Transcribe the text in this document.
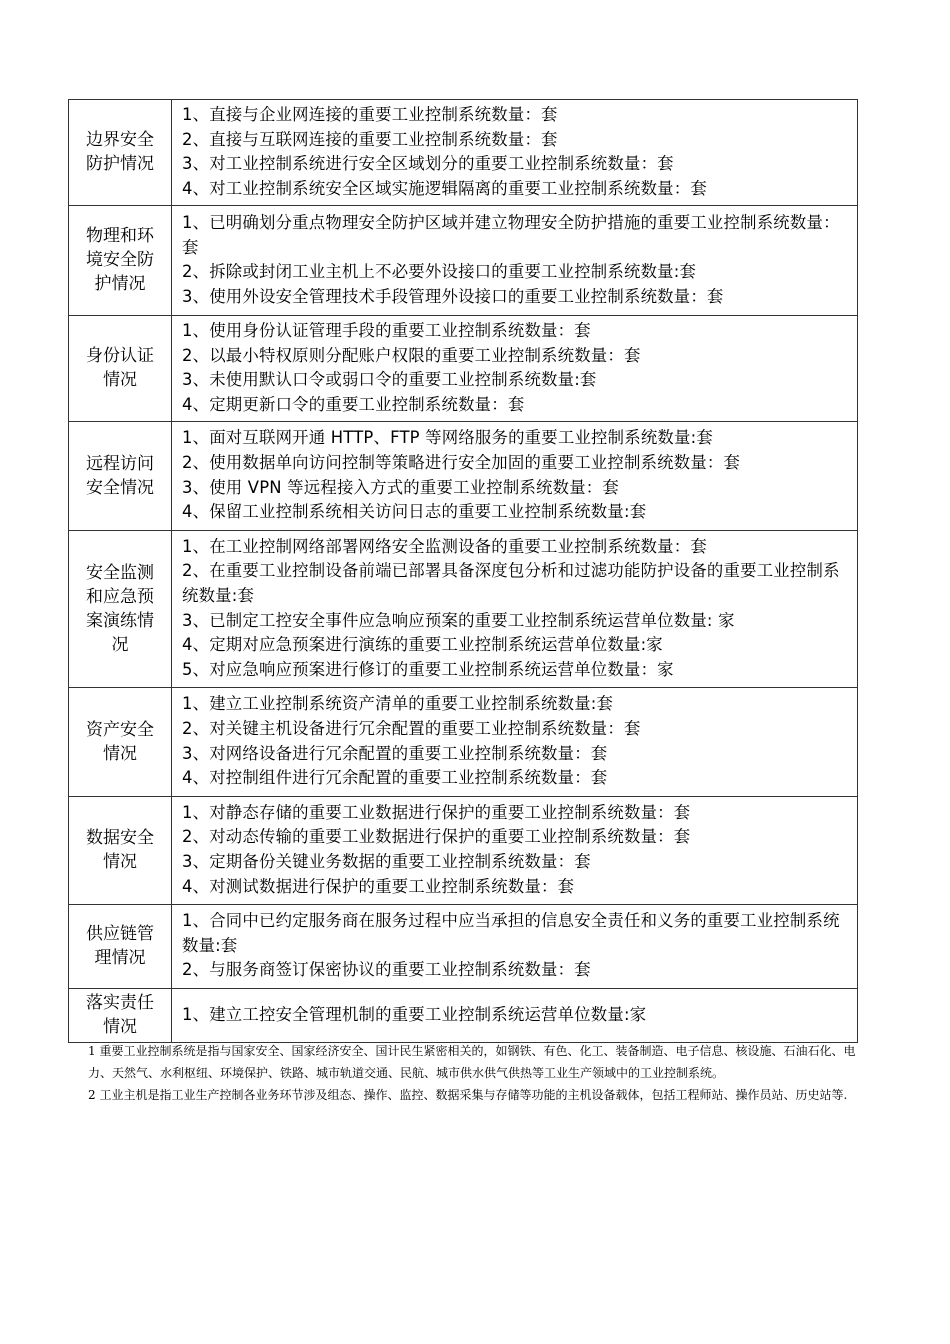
边界安全防护情况	1、直接与企业网连接的重要工业控制系统数量：套
2、直接与互联网连接的重要工业控制系统数量：套
3、对工业控制系统进行安全区域划分的重要工业控制系统数量：套
4、对工业控制系统安全区域实施逻辑隔离的重要工业控制系统数量：套

物理和环境安全防护情况	1、已明确划分重点物理安全防护区域并建立物理安全防护措施的重要工业控制系统数量：套
2、拆除或封闭工业主机上不必要外设接口的重要工业控制系统数量:套
3、使用外设安全管理技术手段管理外设接口的重要工业控制系统数量：套

身份认证情况	1、使用身份认证管理手段的重要工业控制系统数量：套
2、以最小特权原则分配账户权限的重要工业控制系统数量：套
3、未使用默认口令或弱口令的重要工业控制系统数量:套
4、定期更新口令的重要工业控制系统数量：套

远程访问安全情况	1、面对互联网开通 HTTP、FTP 等网络服务的重要工业控制系统数量:套
2、使用数据单向访问控制等策略进行安全加固的重要工业控制系统数量：套
3、使用 VPN 等远程接入方式的重要工业控制系统数量：套
4、保留工业控制系统相关访问日志的重要工业控制系统数量:套

安全监测和应急预案演练情况	1、在工业控制网络部署网络安全监测设备的重要工业控制系统数量：套
2、在重要工业控制设备前端已部署具备深度包分析和过滤功能防护设备的重要工业控制系统数量:套
3、已制定工控安全事件应急响应预案的重要工业控制系统运营单位数量: 家
4、定期对应急预案进行演练的重要工业控制系统运营单位数量:家
5、对应急响应预案进行修订的重要工业控制系统运营单位数量：家

资产安全情况	1、建立工业控制系统资产清单的重要工业控制系统数量:套
2、对关键主机设备进行冗余配置的重要工业控制系统数量：套
3、对网络设备进行冗余配置的重要工业控制系统数量：套
4、对控制组件进行冗余配置的重要工业控制系统数量：套

数据安全情况	1、对静态存储的重要工业数据进行保护的重要工业控制系统数量：套
2、对动态传输的重要工业数据进行保护的重要工业控制系统数量：套
3、定期备份关键业务数据的重要工业控制系统数量：套
4、对测试数据进行保护的重要工业控制系统数量：套

供应链管理情况	1、合同中已约定服务商在服务过程中应当承担的信息安全责任和义务的重要工业控制系统数量:套
2、与服务商签订保密协议的重要工业控制系统数量：套

落实责任情况	1、建立工控安全管理机制的重要工业控制系统运营单位数量:家
1 重要工业控制系统是指与国家安全、国家经济安全、国计民生紧密相关的，如钢铁、有色、化工、装备制造、电子信息、核设施、石油石化、电力、天然气、水利枢纽、环境保护、铁路、城市轨道交通、民航、城市供水供气供热等工业生产领域中的工业控制系统。
2 工业主机是指工业生产控制各业务环节涉及组态、操作、监控、数据采集与存储等功能的主机设备载体，包括工程师站、操作员站、历史站等.
